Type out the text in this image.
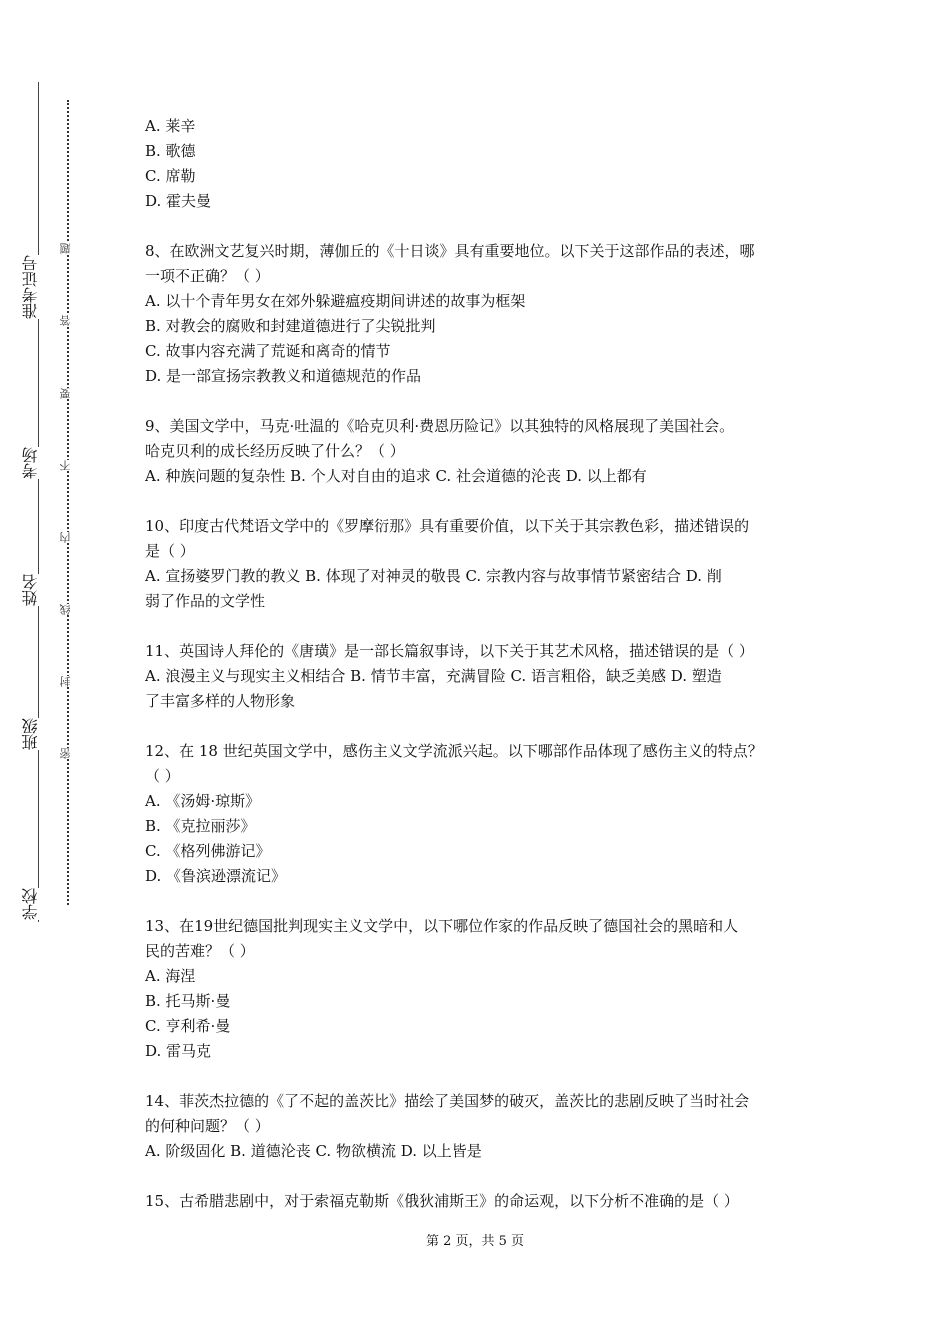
准考证号
考场
姓名
班级
学校
题
答
要
不
内
线
封
密
A. 莱辛
B. 歌德
C. 席勒
D. 霍夫曼
8、在欧洲文艺复兴时期，薄伽丘的《十日谈》具有重要地位。以下关于这部作品的表述，哪
一项不正确？（ ）
A. 以十个青年男女在郊外躲避瘟疫期间讲述的故事为框架
B. 对教会的腐败和封建道德进行了尖锐批判
C. 故事内容充满了荒诞和离奇的情节
D. 是一部宣扬宗教教义和道德规范的作品
9、美国文学中，马克·吐温的《哈克贝利·费恩历险记》以其独特的风格展现了美国社会。
哈克贝利的成长经历反映了什么？（ ）
A. 种族问题的复杂性 B. 个人对自由的追求 C. 社会道德的沦丧 D. 以上都有
10、印度古代梵语文学中的《罗摩衍那》具有重要价值，以下关于其宗教色彩，描述错误的
是（ ）
A. 宣扬婆罗门教的教义 B. 体现了对神灵的敬畏 C. 宗教内容与故事情节紧密结合 D. 削
弱了作品的文学性
11、英国诗人拜伦的《唐璜》是一部长篇叙事诗，以下关于其艺术风格，描述错误的是（ ）
A. 浪漫主义与现实主义相结合 B. 情节丰富，充满冒险 C. 语言粗俗，缺乏美感 D. 塑造
了丰富多样的人物形象
12、在 18 世纪英国文学中，感伤主义文学流派兴起。以下哪部作品体现了感伤主义的特点？
（ ）
A. 《汤姆·琼斯》
B. 《克拉丽莎》
C. 《格列佛游记》
D. 《鲁滨逊漂流记》
13、在19世纪德国批判现实主义文学中，以下哪位作家的作品反映了德国社会的黑暗和人
民的苦难？（ ）
A. 海涅
B. 托马斯·曼
C. 亨利希·曼
D. 雷马克
14、菲茨杰拉德的《了不起的盖茨比》描绘了美国梦的破灭，盖茨比的悲剧反映了当时社会
的何种问题？（ ）
A. 阶级固化 B. 道德沦丧 C. 物欲横流 D. 以上皆是
15、古希腊悲剧中，对于索福克勒斯《俄狄浦斯王》的命运观，以下分析不准确的是（ ）
第 2 页，共 5 页
